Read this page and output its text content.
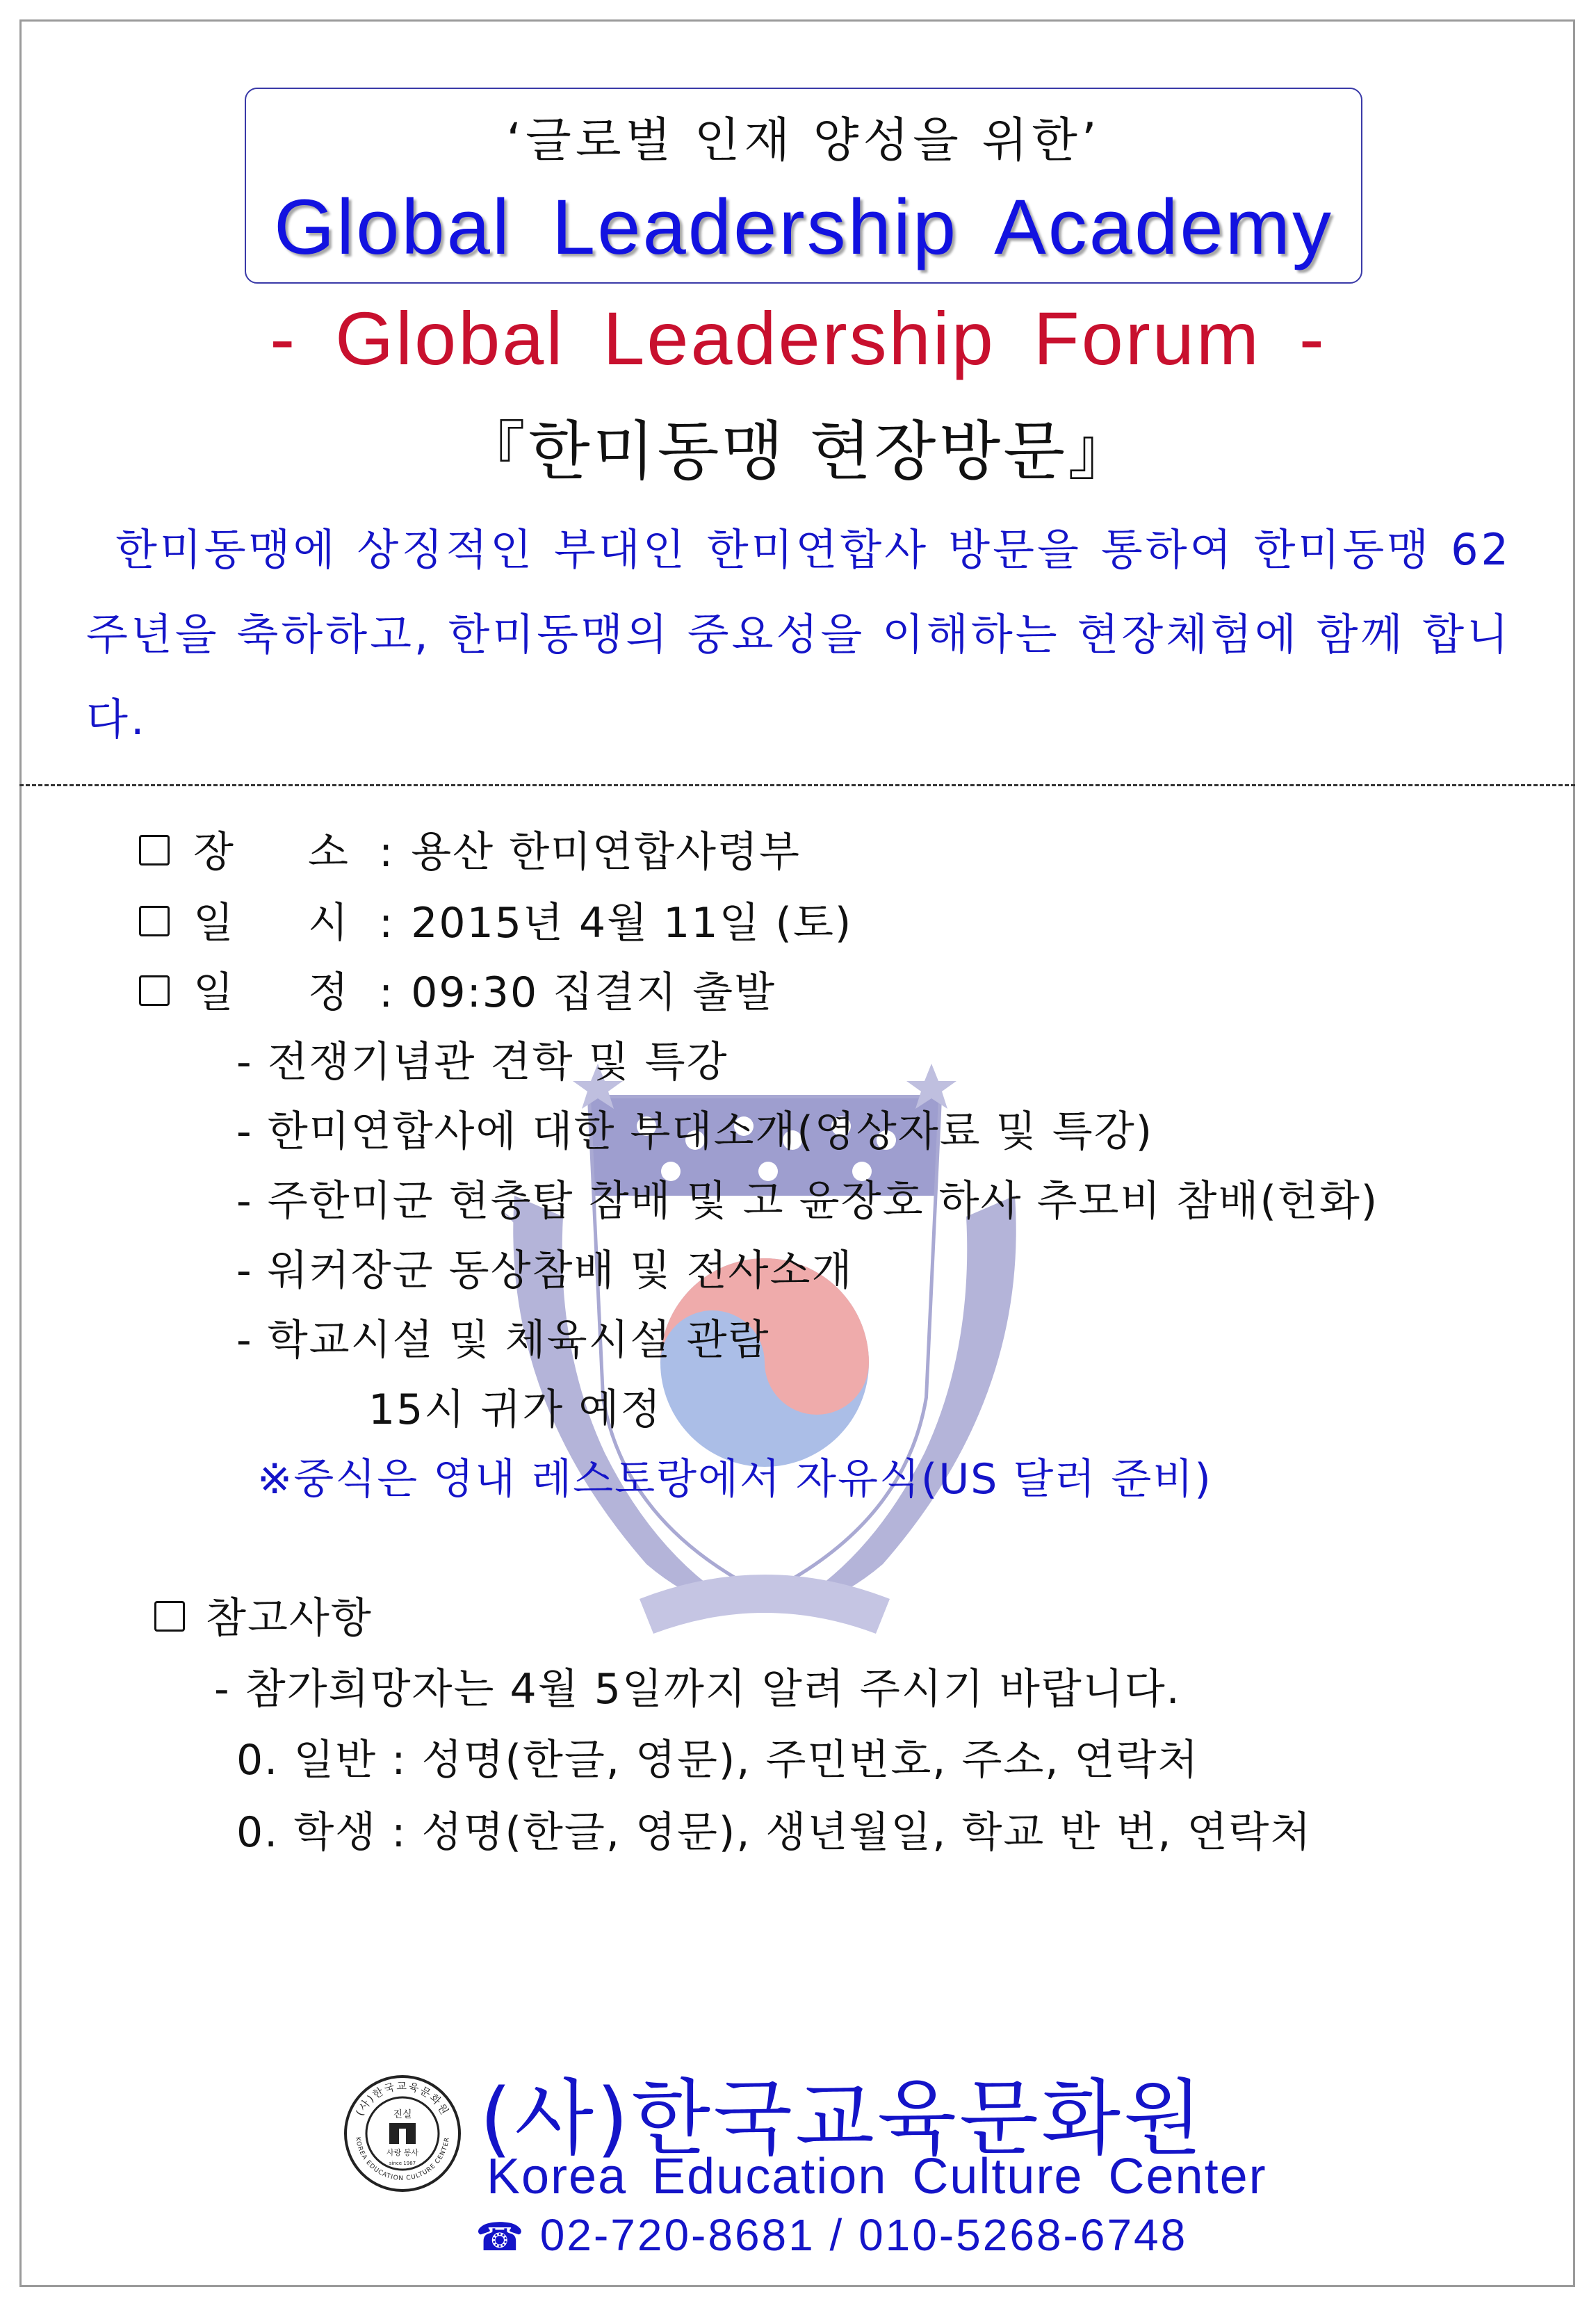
‘글로벌 인재 양성을 위한’
Global Leadership Academy
- Global Leadership Forum -
『한미동맹 현장방문』
한미동맹에 상징적인 부대인 한미연합사 방문을 통하여 한미동맹 62주년을 축하하고, 한미동맹의 중요성을 이해하는 현장체험에 함께 합니다.
장 소: 용산 한미연합사령부
일 시: 2015년 4월 11일 (토)
일 정: 09:30 집결지 출발
- 전쟁기념관 견학 및 특강
- 한미연합사에 대한 부대소개(영상자료 및 특강)
- 주한미군 현충탑 참배 및 고 윤장호 하사 추모비 참배(헌화)
- 워커장군 동상참배 및 전사소개
- 학교시설 및 체육시설 관람
15시 귀가 예정
※중식은 영내 레스토랑에서 자유식(US 달러 준비)
참고사항
- 참가희망자는 4월 5일까지 알려 주시기 바랍니다.
0. 일반 : 성명(한글, 영문), 주민번호, 주소, 연락처
0. 학생 : 성명(한글, 영문), 생년월일, 학교 반 번, 연락처
(사)한국교육문화원
KOREA EDUCATION CULTURE CENTER
진실
사랑 봉사
since 1987 (사)한국교육문화원
Korea Education Culture Center
☎ 02-720-8681 / 010-5268-6748
